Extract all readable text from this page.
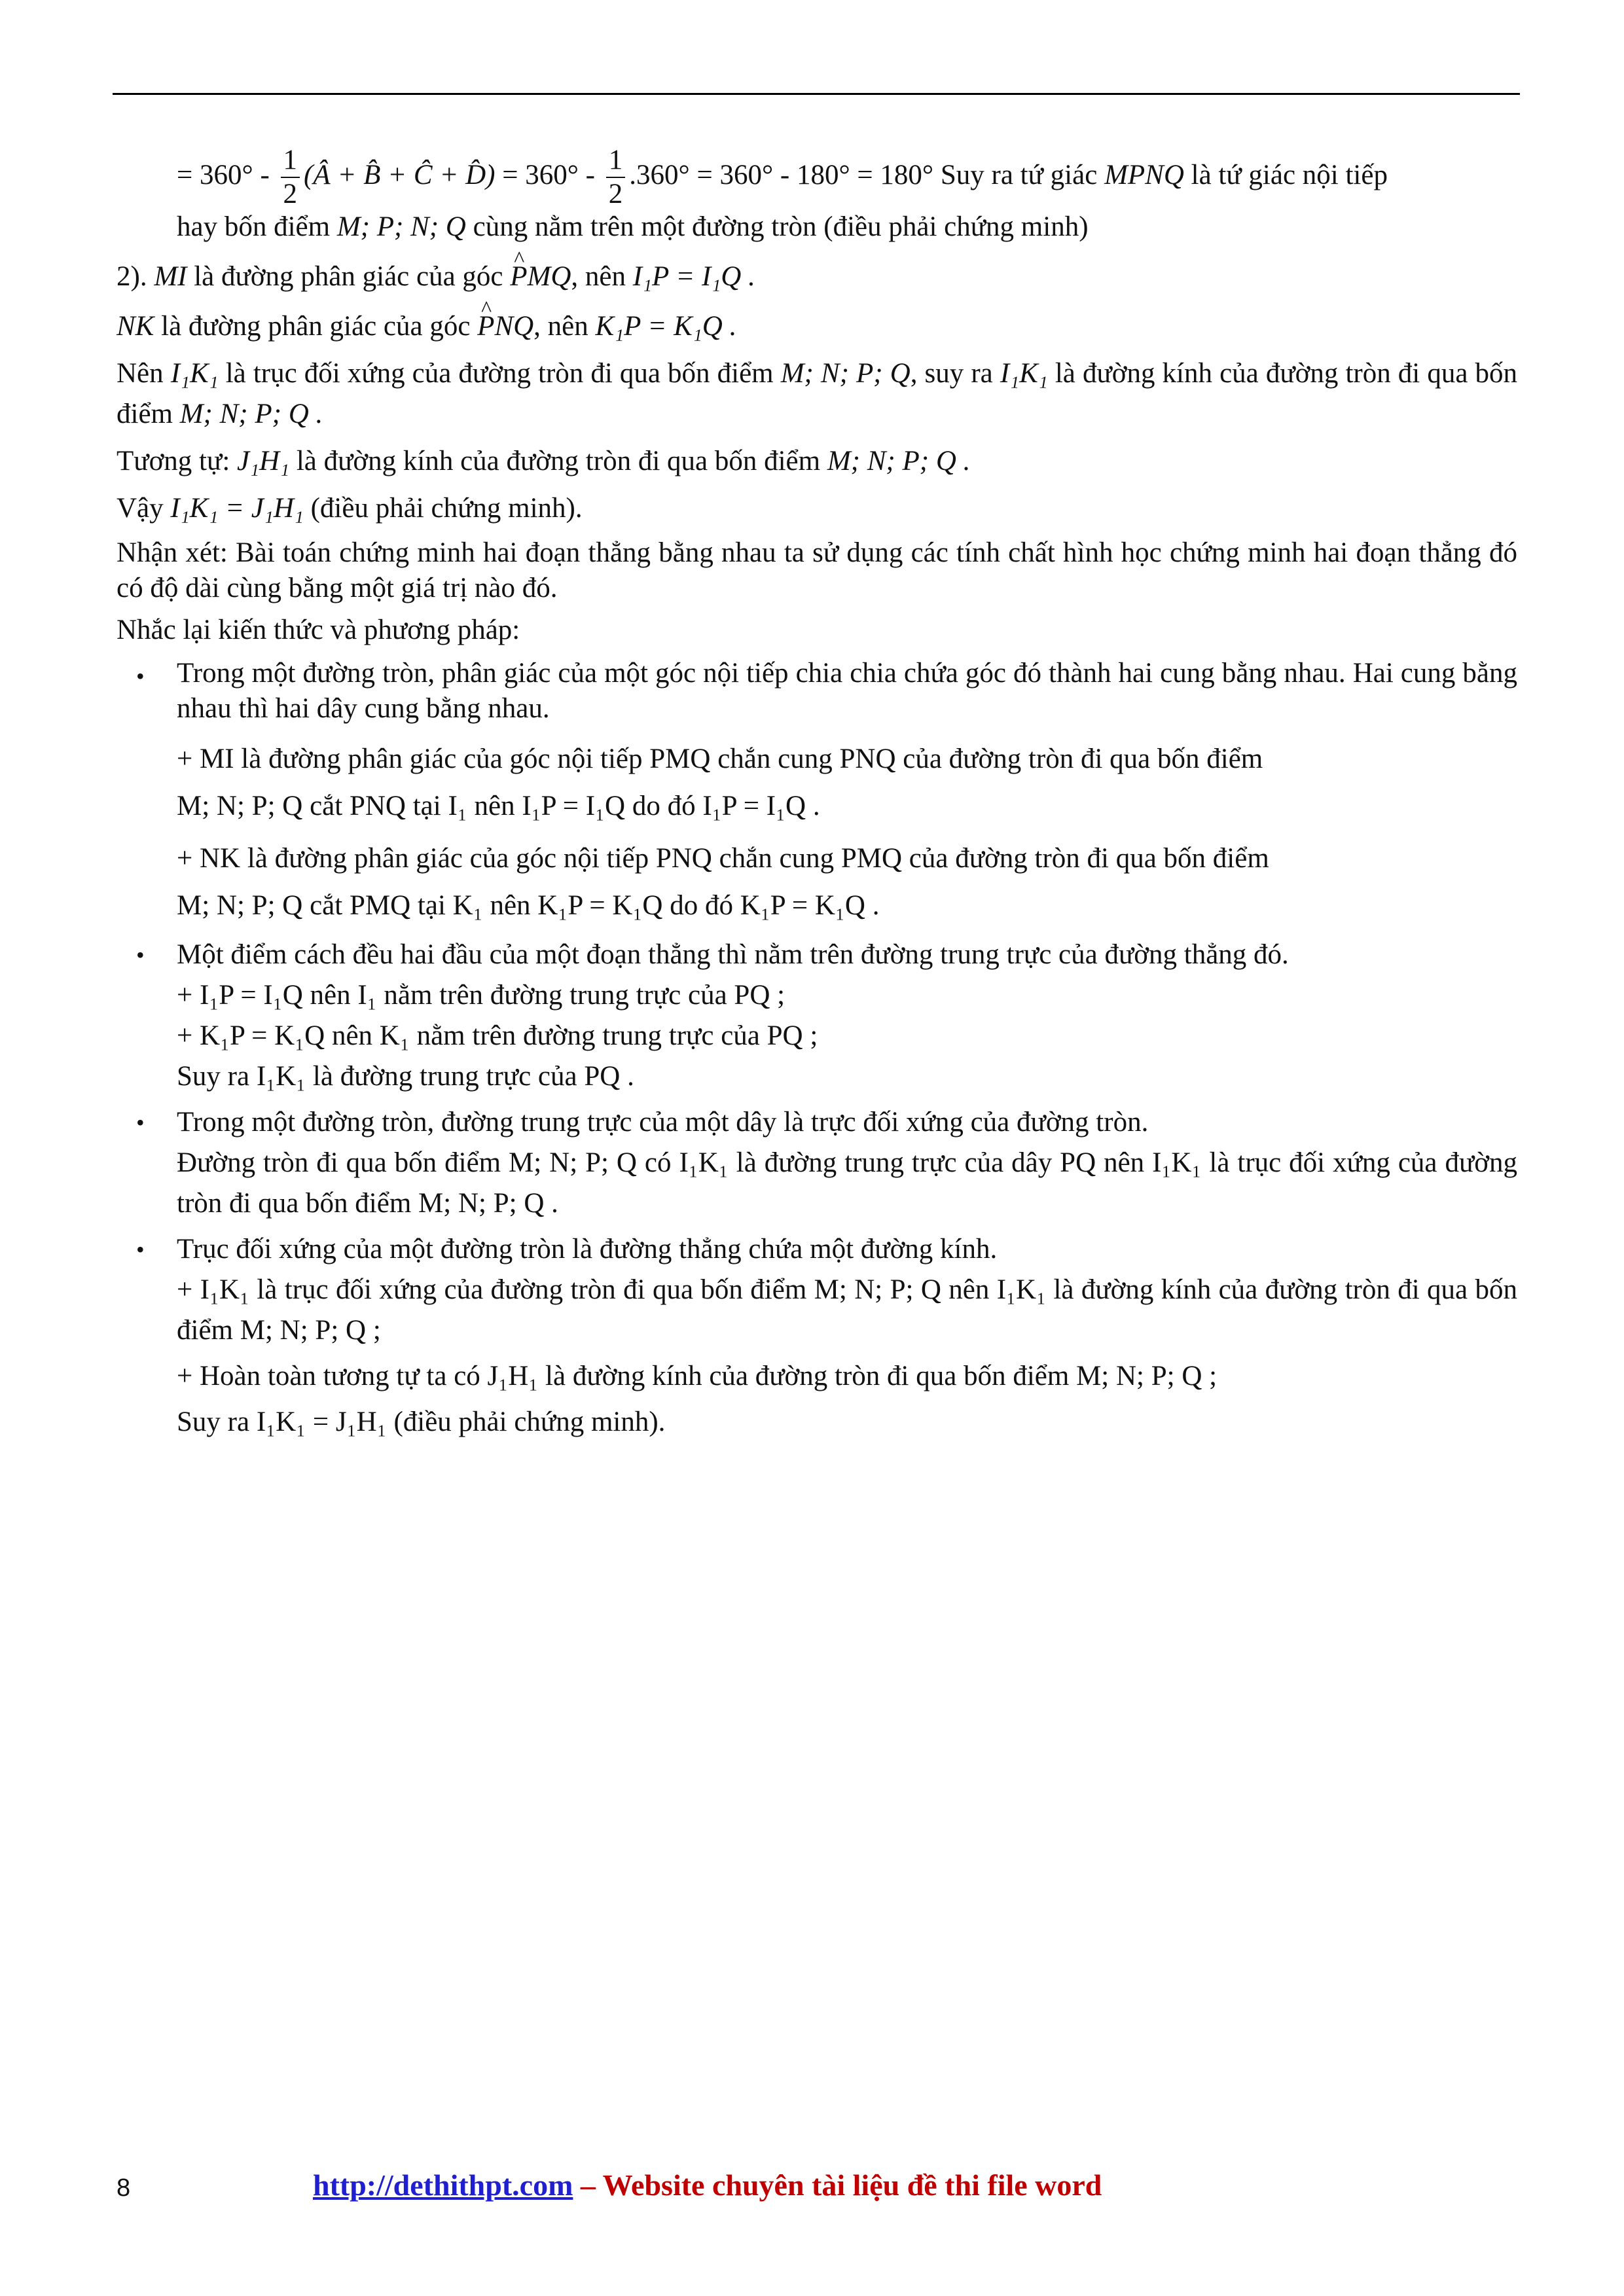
= $360^\circ - \frac{1}{2}$ (Â + B̂ + Ĉ + D̂) = $360^\circ - \frac{1}{2} .360^\circ = 360^\circ - 180^\circ = 180^\circ$ Suy ra tứ giác MPNQ là tứ giác nội tiếp

hay bốn điểm M; P; N; Q cùng nằm trên một đường tròn (điều phải chứng minh)

2). MI là đường phân giác của góc ^ PMQ, nên I₁P = I₁Q .

NK là đường phân giác của góc ^ PNQ, nên K₁P = K₁Q .

Nên I₁K₁ là trục đối xứng của đường tròn đi qua bốn điểm M; N; P; Q, suy ra I₁K₁ là đường kính của đường tròn đi qua bốn điểm M; N; P; Q .

Tương tự: J₁H₁ là đường kính của đường tròn đi qua bốn điểm M; N; P; Q .

Vậy I₁K₁ = J₁H₁ (điều phải chứng minh).

Nhận xét: Bài toán chứng minh hai đoạn thẳng bằng nhau ta sử dụng các tính chất hình học chứng minh hai đoạn thẳng đó có độ dài cùng bằng một giá trị nào đó.

Nhắc lại kiến thức và phương pháp:

• Trong một đường tròn, phân giác của một góc nội tiếp chia chia chứa góc đó thành hai cung bằng nhau. Hai cung bằng nhau thì hai dây cung bằng nhau.

+ MI là đường phân giác của góc nội tiếp PMQ chắn cung PNQ của đường tròn đi qua bốn điểm

M; N; P; Q cắt PNQ tại I₁ nên I₁P = I₁Q do đó I₁P = I₁Q .

+ NK là đường phân giác của góc nội tiếp PNQ chắn cung PMQ của đường tròn đi qua bốn điểm

M; N; P; Q cắt PMQ tại K₁ nên K₁P = K₁Q do đó K₁P = K₁Q .

• Một điểm cách đều hai đầu của một đoạn thẳng thì nằm trên đường trung trực của đường thẳng đó.

+ I₁P = I₁Q nên I₁ nằm trên đường trung trực của PQ ;

+ K₁P = K₁Q nên K₁ nằm trên đường trung trực của PQ ;

Suy ra I₁K₁ là đường trung trực của PQ .

• Trong một đường tròn, đường trung trực của một dây là trực đối xứng của đường tròn.

Đường tròn đi qua bốn điểm M; N; P; Q có I₁K₁ là đường trung trực của dây PQ nên I₁K₁ là trục đối xứng của đường tròn đi qua bốn điểm M; N; P; Q .

• Trục đối xứng của một đường tròn là đường thẳng chứa một đường kính.

+ I₁K₁ là trục đối xứng của đường tròn đi qua bốn điểm M; N; P; Q nên I₁K₁ là đường kính của đường tròn đi qua bốn điểm M; N; P; Q ;

+ Hoàn toàn tương tự ta có J₁H₁ là đường kính của đường tròn đi qua bốn điểm M; N; P; Q ;

Suy ra I₁K₁ = J₁H₁ (điều phải chứng minh).

8	http://dethithpt.com – Website chuyên tài liệu đề thi file word
